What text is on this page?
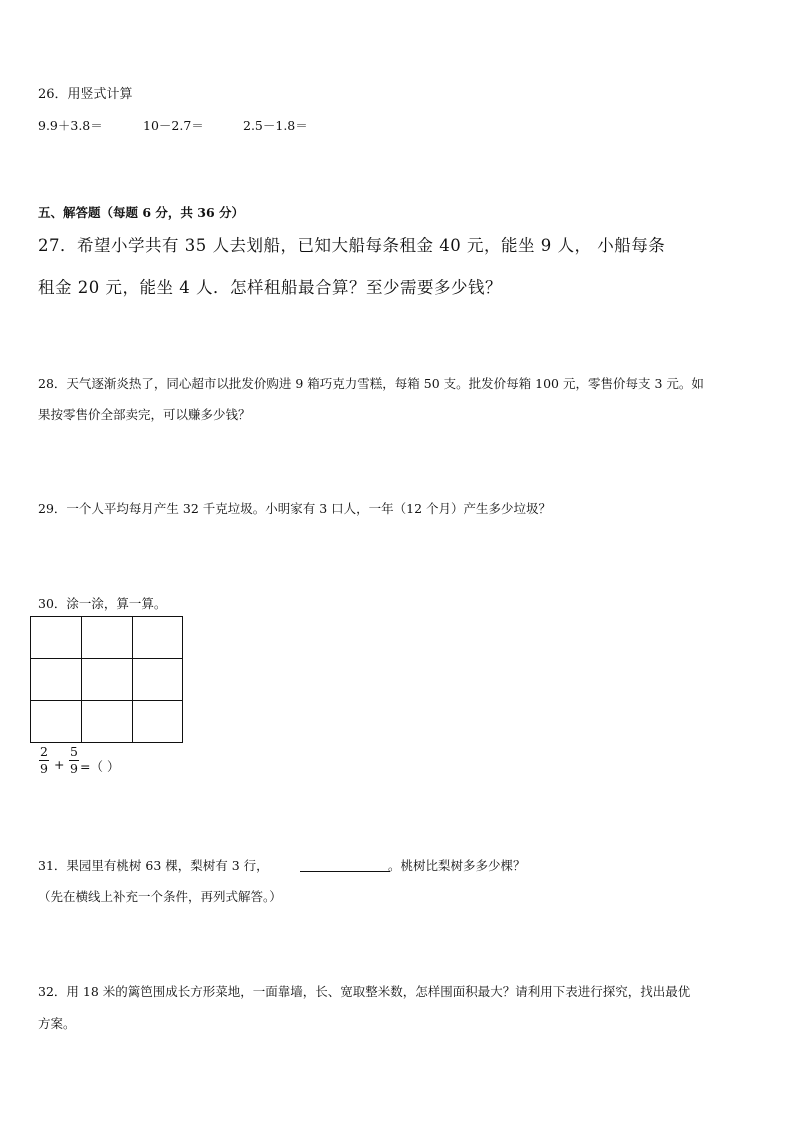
26．用竖式计算
9.9＋3.8＝	10－2.7＝	2.5－1.8＝
五、解答题（每题 6 分，共 36 分）
27．希望小学共有 35 人去划船，已知大船每条租金 40 元，能坐 9 人， 小船每条
租金 20 元，能坐 4 人．怎样租船最合算？至少需要多少钱？
28．天气逐渐炎热了，同心超市以批发价购进 9 箱巧克力雪糕，每箱 50 支。批发价每箱 100 元，零售价每支 3 元。如
果按零售价全部卖完，可以赚多少钱？
29．一个人平均每月产生 32 千克垃圾。小明家有 3 口人，一年（12 个月）产生多少垃圾？
30．涂一涂，算一算。
2
9 +
5
9 =（ ）
31．果园里有桃树 63 棵，梨树有 3 行，	。桃树比梨树多多少棵？
（先在横线上补充一个条件，再列式解答。）
32．用 18 米的篱笆围成长方形菜地，一面靠墙，长、宽取整米数，怎样围面积最大？请利用下表进行探究，找出最优
方案。
